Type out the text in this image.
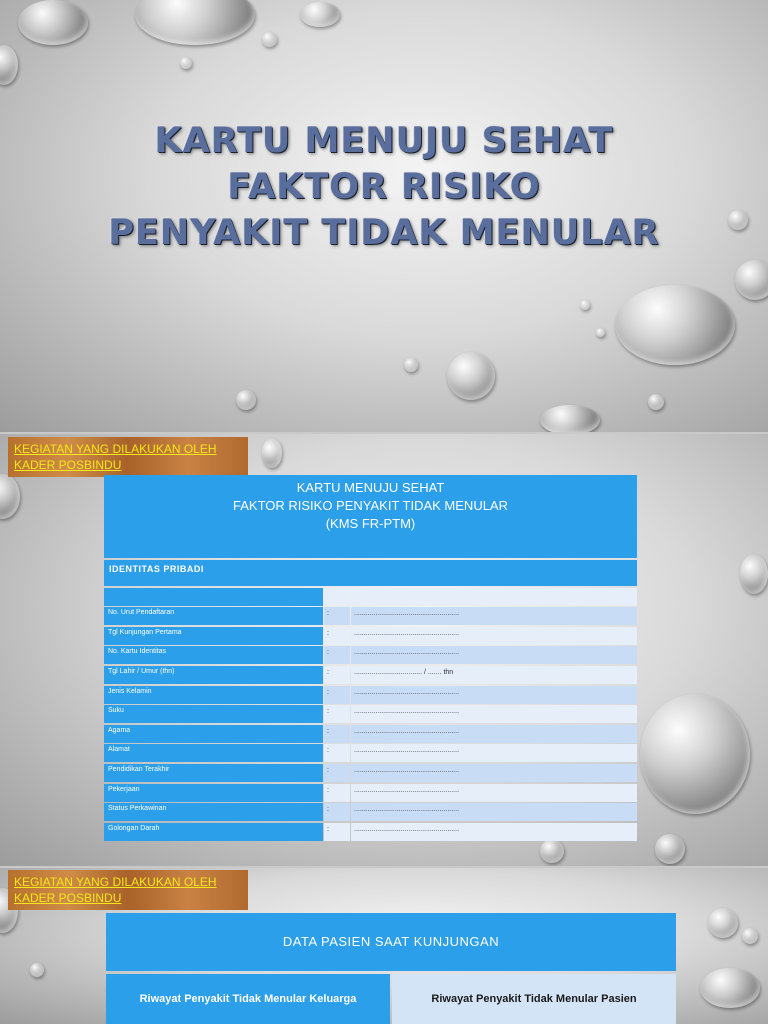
KARTU MENUJU SEHAT
FAKTOR RISIKO
PENYAKIT TIDAK MENULAR
KEGIATAN YANG DILAKUKAN OLEH
KADER POSBINDU
KARTU MENUJU SEHAT
FAKTOR RISIKO PENYAKIT TIDAK MENULAR
(KMS FR-PTM)
IDENTITAS PRIBADI
No. Urut Pendaftaran	:	......................................................
Tgl Kunjungan Pertama	:	......................................................
No. Kartu Identitas	:	......................................................
Tgl Lahir / Umur (thn)	:	................................... / ....... thn
Jenis Kelamin	:	......................................................
Suku	:	......................................................
Agama	:	......................................................
Alamat	:	......................................................
Pendidikan Terakhir	:	......................................................
Pekerjaan	:	......................................................
Status Perkawinan	:	......................................................
Golongan Darah	:	......................................................
KEGIATAN YANG DILAKUKAN OLEH
KADER POSBINDU
DATA PASIEN SAAT KUNJUNGAN
Riwayat Penyakit Tidak Menular Keluarga	Riwayat Penyakit Tidak Menular Pasien
